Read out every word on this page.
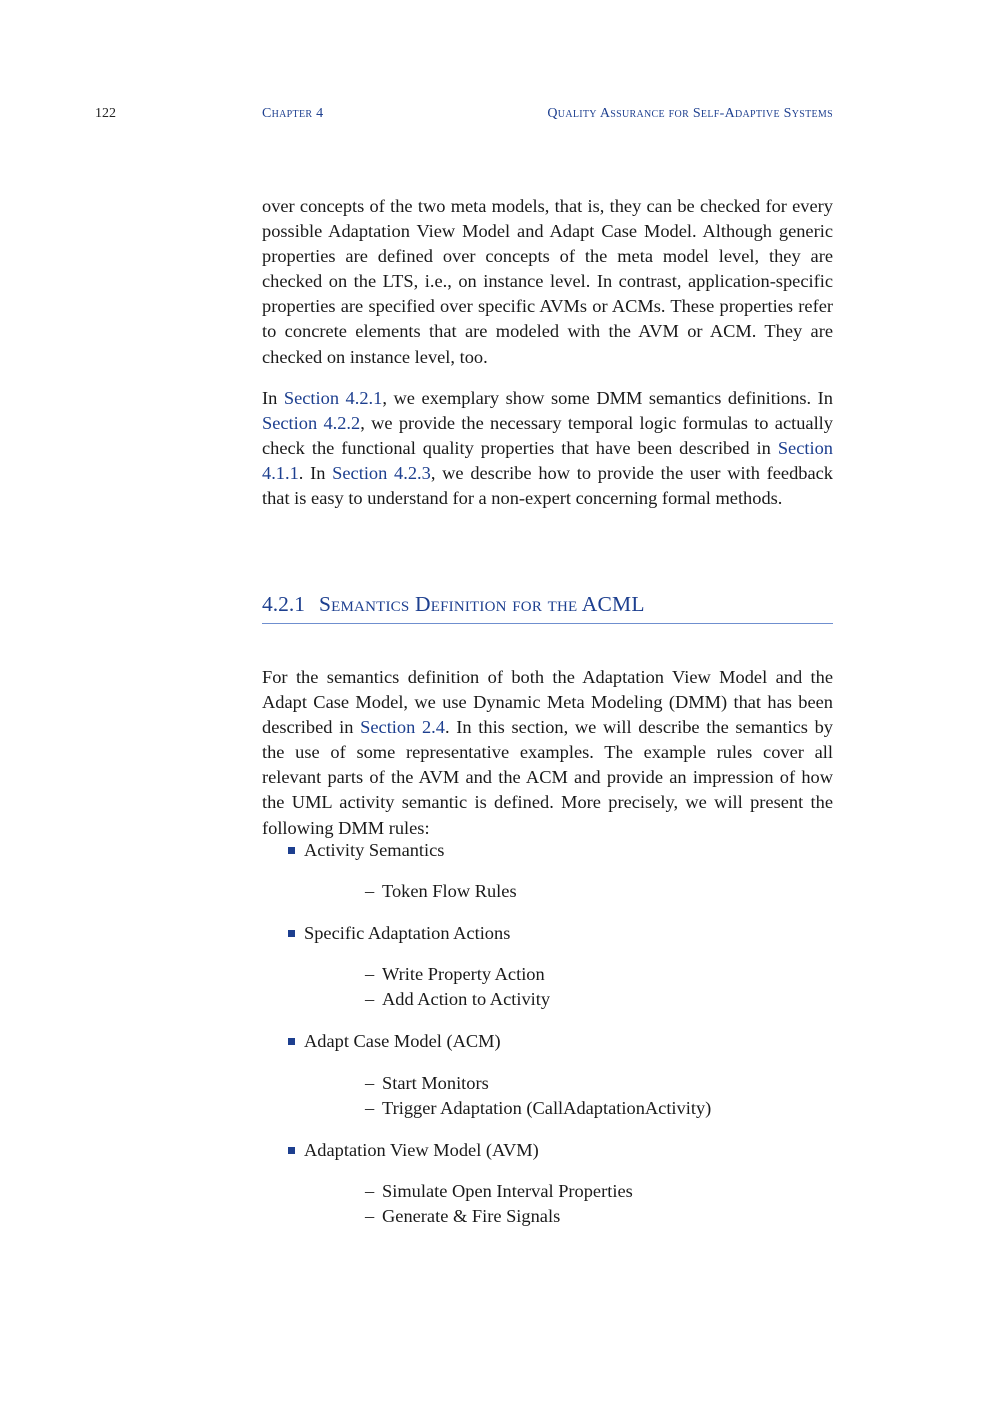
122	Chapter 4	Quality Assurance for Self-Adaptive Systems

over concepts of the two meta models, that is, they can be checked for every possible Adaptation View Model and Adapt Case Model. Although generic properties are defined over concepts of the meta model level, they are checked on the LTS, i.e., on instance level. In contrast, application-specific properties are specified over specific AVMs or ACMs. These properties refer to concrete elements that are modeled with the AVM or ACM. They are checked on instance level, too.

In Section 4.2.1, we exemplary show some DMM semantics definitions. In Section 4.2.2, we provide the necessary temporal logic formulas to actually check the functional quality properties that have been described in Section 4.1.1. In Section 4.2.3, we describe how to provide the user with feedback that is easy to understand for a non-expert concerning formal methods.

4.2.1 Semantics Definition for the ACML

For the semantics definition of both the Adaptation View Model and the Adapt Case Model, we use Dynamic Meta Modeling (DMM) that has been described in Section 2.4. In this section, we will describe the semantics by the use of some representative examples. The example rules cover all relevant parts of the AVM and the ACM and provide an impression of how the UML activity semantic is defined. More precisely, we will present the following DMM rules:

Activity Semantics
– Token Flow Rules
Specific Adaptation Actions
– Write Property Action
– Add Action to Activity
Adapt Case Model (ACM)
– Start Monitors
– Trigger Adaptation (CallAdaptationActivity)
Adaptation View Model (AVM)
– Simulate Open Interval Properties
– Generate & Fire Signals
